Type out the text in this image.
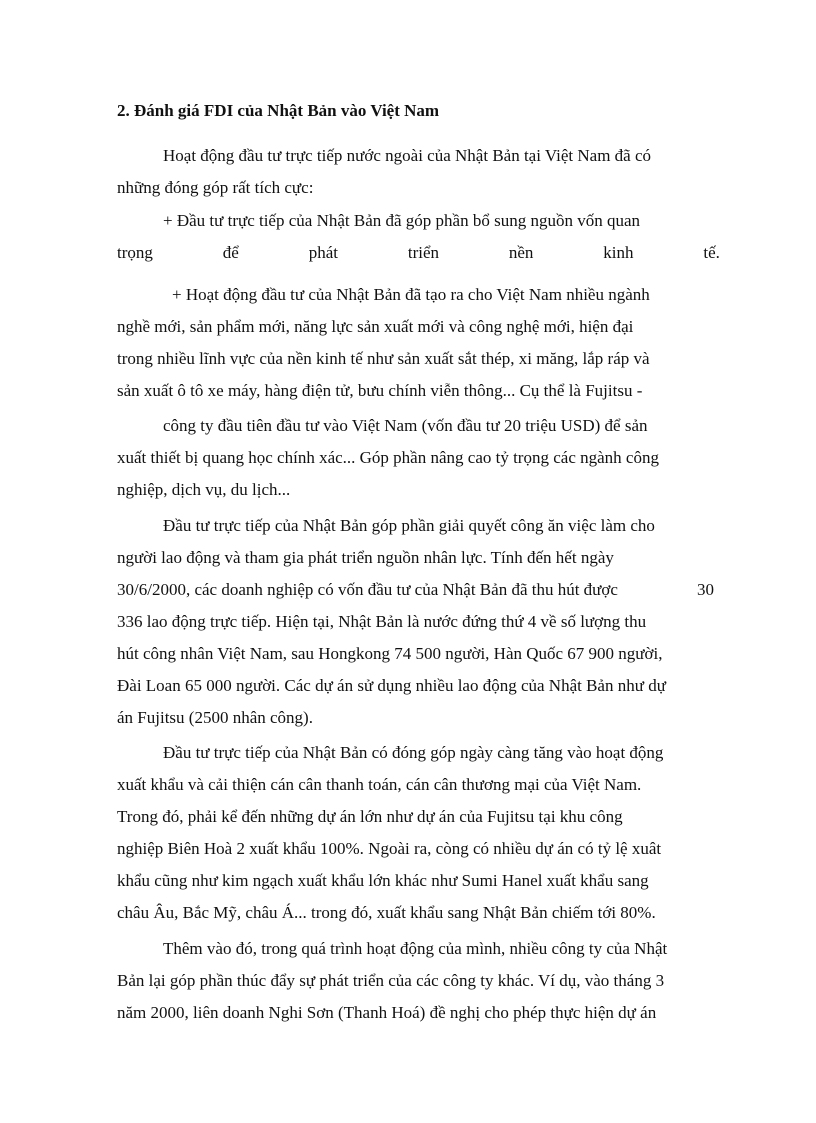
2. Đánh giá FDI của Nhật Bản vào Việt Nam
Hoạt động đầu tư trực tiếp nước ngoài của Nhật Bản tại Việt Nam đã có
những đóng góp rất tích cực:
+ Đầu tư trực tiếp của Nhật Bản đã góp phần bổ sung nguồn vốn quan
trọng	để	phát	triển	nền	kinh	tế.
+ Hoạt động đầu tư của Nhật Bản đã tạo ra cho Việt Nam nhiều ngành
nghề mới, sản phẩm mới, năng lực sản xuất mới và công nghệ mới, hiện đại
trong nhiều lĩnh vực của nền kinh tế như sản xuất sắt thép, xi măng, lắp ráp và
sản xuất ô tô xe máy, hàng điện tử, bưu chính viễn thông... Cụ thể là Fujitsu -
công ty đầu tiên đầu tư vào Việt Nam (vốn đầu tư 20 triệu USD) để sản
xuất thiết bị quang học chính xác... Góp phần nâng cao tỷ trọng các ngành công
nghiệp, dịch vụ, du lịch...
Đầu tư trực tiếp của Nhật Bản góp phần giải quyết công ăn việc làm cho
người lao động và tham gia phát triển nguồn nhân lực. Tính đến hết ngày
30/6/2000, các doanh nghiệp có vốn đầu tư của Nhật Bản đã thu hút được	30
336 lao động trực tiếp. Hiện tại, Nhật Bản là nước đứng thứ 4 về số lượng thu
hút công nhân Việt Nam, sau Hongkong 74 500 người, Hàn Quốc 67 900 người,
Đài Loan 65 000 người. Các dự án sử dụng nhiều lao động của Nhật Bản như dự
án Fujitsu (2500 nhân công).
Đầu tư trực tiếp của Nhật Bản có đóng góp ngày càng tăng vào hoạt động
xuất khẩu và cải thiện cán cân thanh toán, cán cân thương mại của Việt Nam.
Trong đó, phải kể đến những dự án lớn như dự án của Fujitsu tại khu công
nghiệp Biên Hoà 2 xuất khẩu 100%. Ngoài ra, còng có nhiều dự án có tỷ lệ xuât
khẩu cũng như kim ngạch xuất khẩu lớn khác như Sumi Hanel xuất khẩu sang
châu Âu, Bắc Mỹ, châu Á... trong đó, xuất khẩu sang Nhật Bản chiếm tới 80%.
Thêm vào đó, trong quá trình hoạt động của mình, nhiều công ty của Nhật
Bản lại góp phần thúc đẩy sự phát triển của các công ty khác. Ví dụ, vào tháng 3
năm 2000, liên doanh Nghi Sơn (Thanh Hoá) đề nghị cho phép thực hiện dự án
